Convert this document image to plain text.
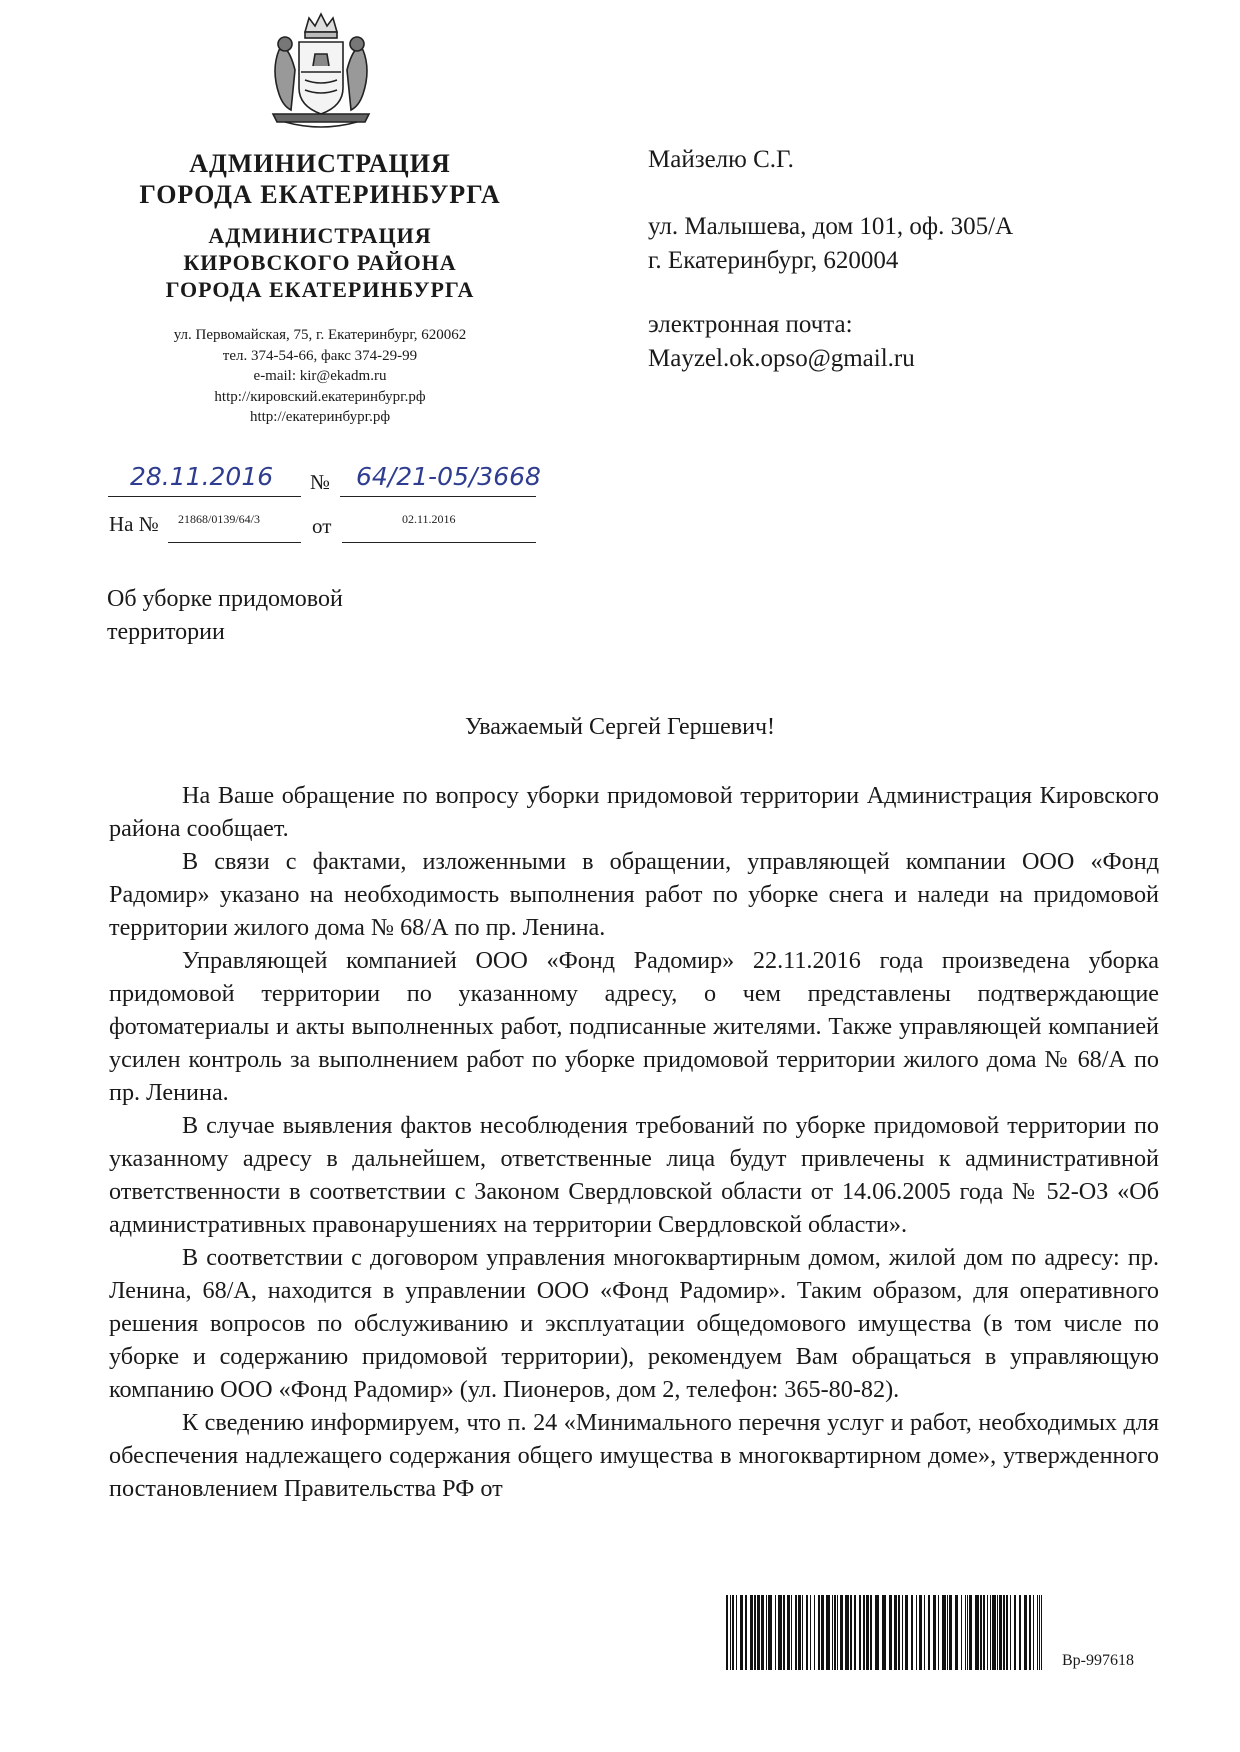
АДМИНИСТРАЦИЯ
ГОРОДА ЕКАТЕРИНБУРГА
АДМИНИСТРАЦИЯ
КИРОВСКОГО РАЙОНА
ГОРОДА ЕКАТЕРИНБУРГА
ул. Первомайская, 75, г. Екатеринбург, 620062
тел. 374-54-66, факс 374-29-99
e-mail: kir@ekadm.ru
http://кировский.екатеринбург.рф
http://екатеринбург.рф
28.11.2016 № 64/21-05/3668
На № 21868/0139/64/3 от	02.11.2016
Майзелю С.Г.
ул. Малышева, дом 101, оф. 305/А
г. Екатеринбург, 620004
электронная почта:
Mayzel.ok.opso@gmail.ru
Об уборке придомовой
территории
Уважаемый Сергей Гершевич!

На Ваше обращение по вопросу уборки придомовой территории Администрация Кировского района сообщает.

В связи с фактами, изложенными в обращении, управляющей компании ООО «Фонд Радомир» указано на необходимость выполнения работ по уборке снега и наледи на придомовой территории жилого дома № 68/А по пр. Ленина.

Управляющей компанией ООО «Фонд Радомир» 22.11.2016 года произведена уборка придомовой территории по указанному адресу, о чем представлены подтверждающие фотоматериалы и акты выполненных работ, подписанные жителями. Также управляющей компанией усилен контроль за выполнением работ по уборке придомовой территории жилого дома № 68/А по пр. Ленина.

В случае выявления фактов несоблюдения требований по уборке придомовой территории по указанному адресу в дальнейшем, ответственные лица будут привлечены к административной ответственности в соответствии с Законом Свердловской области от 14.06.2005 года № 52-ОЗ «Об административных правонарушениях на территории Свердловской области».

В соответствии с договором управления многоквартирным домом, жилой дом по адресу: пр. Ленина, 68/А, находится в управлении ООО «Фонд Радомир». Таким образом, для оперативного решения вопросов по обслуживанию и эксплуатации общедомового имущества (в том числе по уборке и содержанию придомовой территории), рекомендуем Вам обращаться в управляющую компанию ООО «Фонд Радомир» (ул. Пионеров, дом 2, телефон: 365-80-82).

К сведению информируем, что п. 24 «Минимального перечня услуг и работ, необходимых для обеспечения надлежащего содержания общего имущества в многоквартирном доме», утвержденного постановлением Правительства РФ от

Вр-997618
